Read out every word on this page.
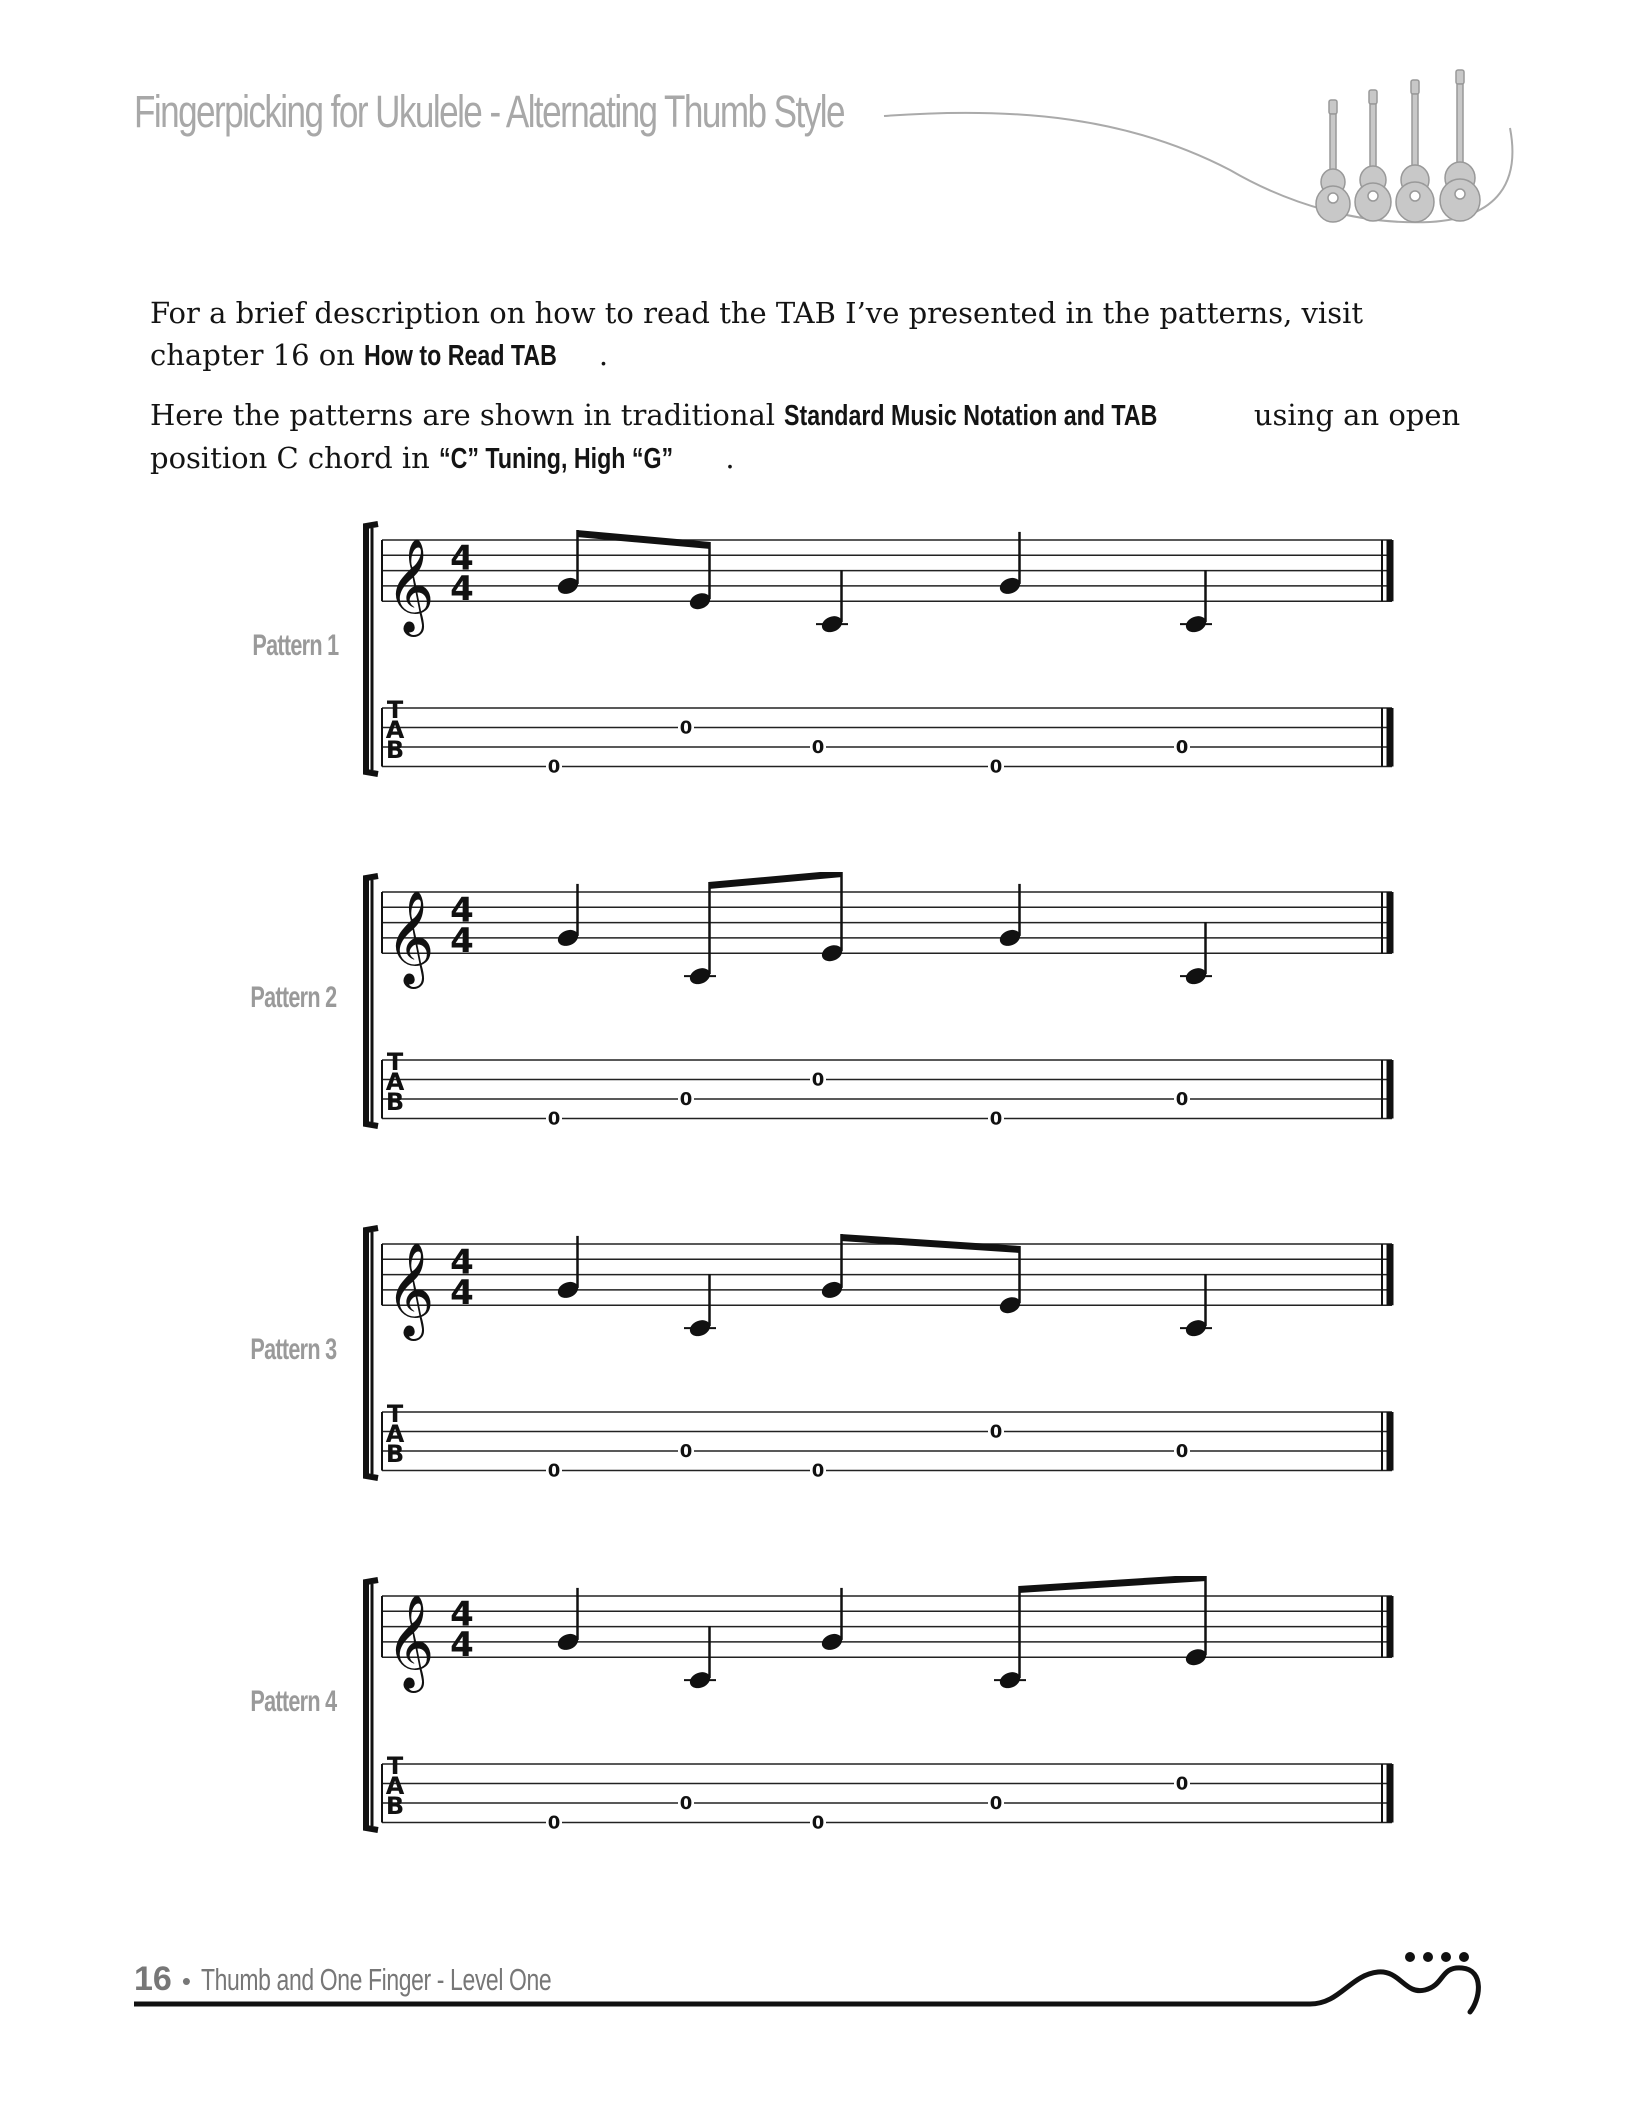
Fingerpicking for Ukulele - Alternating Thumb Style
For a brief description on how to read the TAB I’ve presented in the patterns, visit chapter 16 on How to Read TAB .
Here the patterns are shown in traditional Standard Music Notation and TAB	using an open position C chord in “C” Tuning, High “G” .
Pattern 1
Pattern 2
Pattern 3
Pattern 4
𝄞 4
4
T
A
B
0
0
0
0
0
𝄞 4
4
T
A
B
0
0
0
0
0
𝄞 4
4
T
A
B
0
0
0
0
0
𝄞 4
4
T
A
B
0
0
0
0
0
16 • Thumb and One Finger - Level One
